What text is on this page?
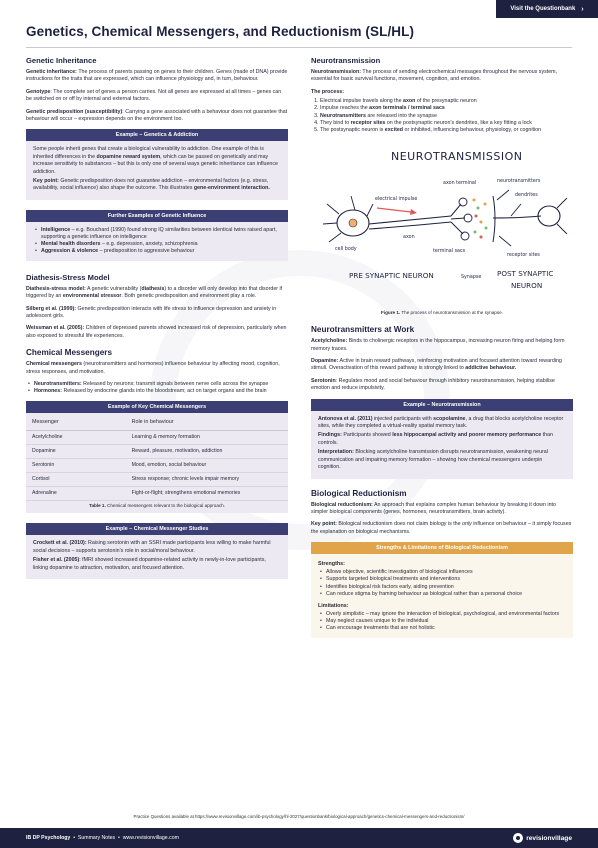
Visit the Questionbank ›
Genetics, Chemical Messengers, and Reductionism (SL/HL)
Genetic Inheritance

Genetic inheritance: The process of parents passing on genes to their children. Genes (made of DNA) provide instructions for the traits that are expressed, which can influence physiology and, in turn, behaviour.

Genotype: The complete set of genes a person carries. Not all genes are expressed at all times – genes can be switched on or off by internal and external factors.

Genetic predisposition (susceptibility): Carrying a gene associated with a behaviour does not guarantee that behaviour will occur – expression depends on the environment too.

Example – Genetics & Addiction

Some people inherit genes that create a biological vulnerability to addiction. One example of this is inherited differences in the dopamine reward system, which can be passed on genetically and may increase sensitivity to substances – but this is only one of several ways genetic inheritance can influence addiction.

Key point: Genetic predisposition does not guarantee addiction – environmental factors (e.g. stress, availability, social influence) also shape the outcome. This illustrates gene-environment interaction.

Further Examples of Genetic Influence
• Intelligence – e.g. Bouchard (1990) found strong IQ similarities between identical twins raised apart, supporting a genetic influence on intelligence
• Mental health disorders – e.g. depression, anxiety, schizophrenia
• Aggression & violence – predisposition to aggressive behaviour
Diathesis-Stress Model

Diathesis-stress model: A genetic vulnerability (diathesis) to a disorder will only develop into that disorder if triggered by an environmental stressor. Both genetic predisposition and environment play a role.

Silberg et al. (1999): Genetic predisposition interacts with life stress to influence depression and anxiety in adolescent girls.

Weissman et al. (2005): Children of depressed parents showed increased risk of depression, particularly when also exposed to stressful life experiences.

Chemical Messengers

Chemical messengers (neurotransmitters and hormones) influence behaviour by affecting mood, cognition, stress responses, and motivation.

• Neurotransmitters: Released by neurons; transmit signals between nerve cells across the synapse
• Hormones: Released by endocrine glands into the bloodstream; act on target organs and the brain
Example of Key Chemical Messengers
Messenger	Role in behaviour
Acetylcholine	Learning & memory formation
Dopamine	Reward, pleasure, motivation, addiction
Serotonin	Mood, emotion, social behaviour
Cortisol	Stress response; chronic levels impair memory
Adrenaline	Fight-or-flight; strengthens emotional memories
Table 1. Chemical messengers relevant to the biological approach.
Example – Chemical Messenger Studies

Crockett et al. (2010): Raising serotonin with an SSRI made participants less willing to make harmful social decisions – supports serotonin's role in social/moral behaviour.

Fisher et al. (2005): fMRI showed increased dopamine-related activity in newly-in-love participants, linking dopamine to attraction, motivation, and focused attention.

Neurotransmission

Neurotransmission: The process of sending electrochemical messages throughout the nervous system, essential for basic survival functions, movement, cognition, and emotion.

The process:

1. Electrical impulse travels along the axon of the presynaptic neuron
2. Impulse reaches the axon terminals / terminal sacs
3. Neurotransmitters are released into the synapse
4. They bind to receptor sites on the postsynaptic neuron's dendrites, like a key fitting a lock
5. The postsynaptic neuron is excited or inhibited, influencing behaviour, physiology, or cognition
NEUROTRANSMISSION
electrical impulse
axon terminal	neurotransmitters
dendrites
cell body
axon
terminal sacs
receptor sites
Synapse
PRE SYNAPTIC NEURON	POST SYNAPTIC
NEURON
Figure 1. The process of neurotransmission at the synapse.
Neurotransmitters at Work

Acetylcholine: Binds to cholinergic receptors in the hippocampus, increasing neuron firing and helping form memory traces.

Dopamine: Active in brain reward pathways, reinforcing motivation and focused attention toward rewarding stimuli. Overactivation of this reward pathway is strongly linked to addictive behaviour.

Serotonin: Regulates mood and social behaviour through inhibitory neurotransmission, helping stabilise emotion and reduce impulsivity.

Example – Neurotransmission

Antonova et al. (2011) injected participants with scopolamine, a drug that blocks acetylcholine receptor sites, while they completed a virtual-reality spatial memory task.

Findings: Participants showed less hippocampal activity and poorer memory performance than controls.

Interpretation: Blocking acetylcholine transmission disrupts neurotransmission, weakening neural communication and impairing memory formation – showing how chemical messengers underpin cognition.

Biological Reductionism

Biological reductionism: An approach that explains complex human behaviour by breaking it down into simpler biological components (genes, hormones, neurotransmitters, brain activity).

Key point: Biological reductionism does not claim biology is the only influence on behaviour – it simply focuses the explanation on biological mechanisms.

Strengths & Limitations of Biological Reductionism
Strengths:
• Allows objective, scientific investigation of biological influences
• Supports targeted biological treatments and interventions
• Identifies biological risk factors early, aiding prevention
• Can reduce stigma by framing behaviour as biological rather than a personal choice
Limitations:
• Overly simplistic – may ignore the interaction of biological, psychological, and environmental factors
• May neglect causes unique to the individual
• Can encourage treatments that are not holistic
Practice Questions available at https://www.revisionvillage.com/ib-psychology/hl-2027/questionbank/biological-approach/genetics-chemical-messengers-and-reductionism/
IB DP Psychology • Summary Notes • www.revisionvillage.com	revisionvillage
